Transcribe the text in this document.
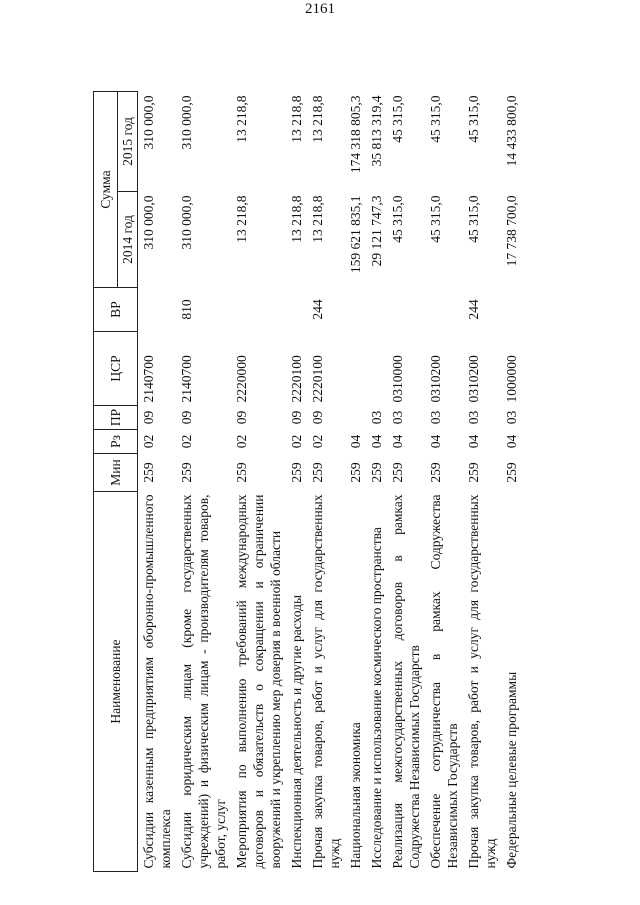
2161
Наименование	Мин	Рз	ПР	ЦСР	ВР	Сумма	
						2014 год	2015 год
Субсидии казенным предприятиям оборонно-промышленного комплекса	259	02	09	2140700		310 000,0	310 000,0
Субсидии юридическим лицам (кроме государственных учреждений) и физическим лицам - производителям товаров, работ, услуг	259	02	09	2140700	810	310 000,0	310 000,0
Мероприятия по выполнению требований международных договоров и обязательств о сокращении и ограничении вооружений и укреплению мер доверия в военной области	259	02	09	2220000		13 218,8	13 218,8
Инспекционная деятельность и другие расходы	259	02	09	2220100		13 218,8	13 218,8
Прочая закупка товаров, работ и услуг для государственных нужд	259	02	09	2220100	244	13 218,8	13 218,8
Национальная экономика	259	04				159 621 835,1	174 318 805,3
Исследование и использование космического пространства	259	04	03			29 121 747,3	35 813 319,4
Реализация межгосударственных договоров в рамках Содружества Независимых Государств	259	04	03	0310000		45 315,0	45 315,0
Обеспечение сотрудничества в рамках Содружества Независимых Государств	259	04	03	0310200		45 315,0	45 315,0
Прочая закупка товаров, работ и услуг для государственных нужд	259	04	03	0310200	244	45 315,0	45 315,0
Федеральные целевые программы	259	04	03	1000000		17 738 700,0	14 433 800,0
